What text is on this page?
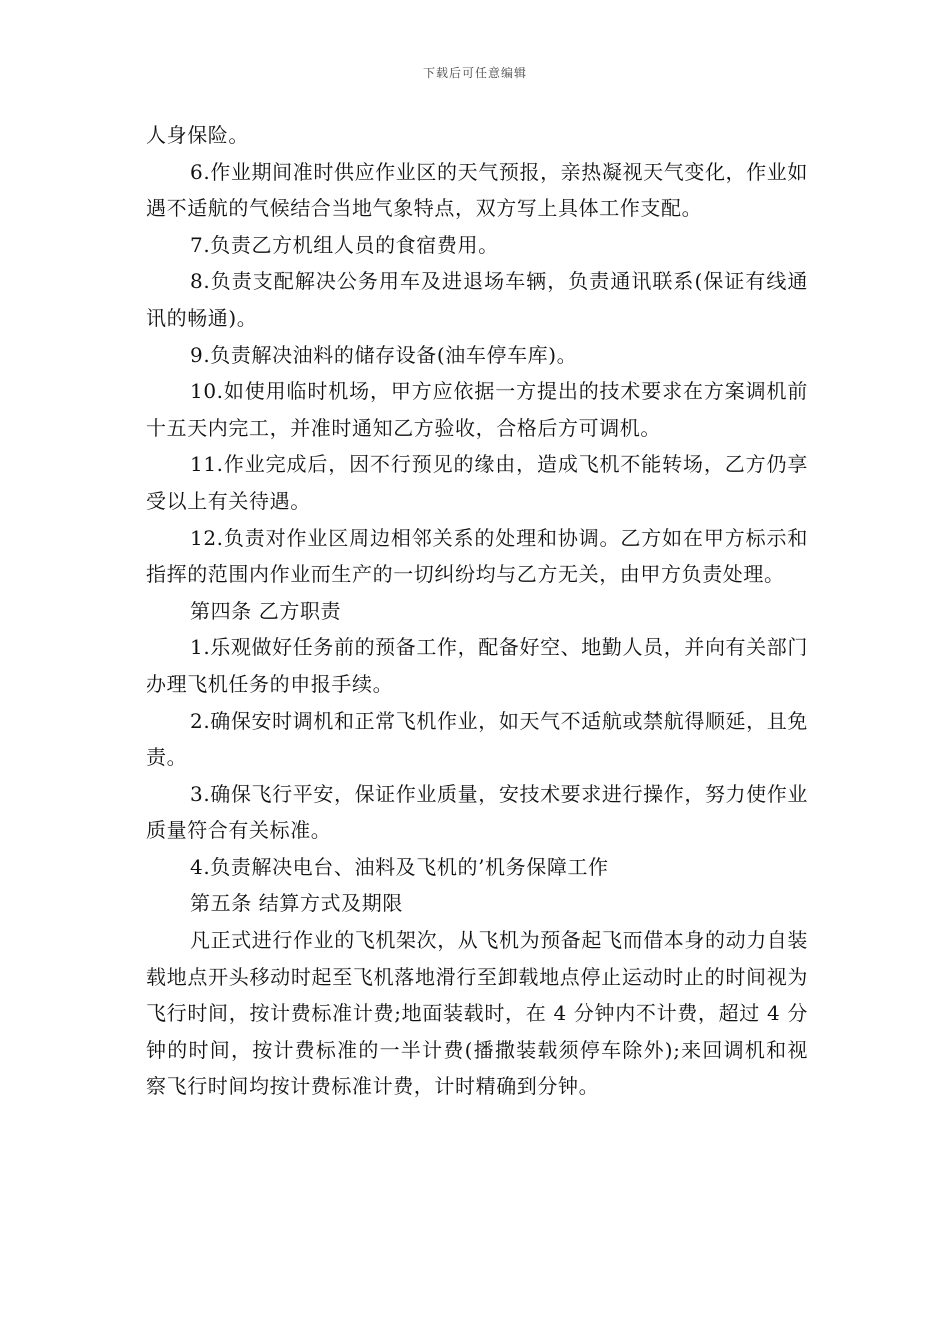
下载后可任意编辑

人身保险。

6.作业期间准时供应作业区的天气预报，亲热凝视天气变化，作业如遇不适航的气候结合当地气象特点，双方写上具体工作支配。

7.负责乙方机组人员的食宿费用。

8.负责支配解决公务用车及进退场车辆，负责通讯联系(保证有线通讯的畅通)。

9.负责解决油料的储存设备(油车停车库)。

10.如使用临时机场，甲方应依据一方提出的技术要求在方案调机前十五天内完工，并准时通知乙方验收，合格后方可调机。

11.作业完成后，因不行预见的缘由，造成飞机不能转场，乙方仍享受以上有关待遇。

12.负责对作业区周边相邻关系的处理和协调。乙方如在甲方标示和指挥的范围内作业而生产的一切纠纷均与乙方无关，由甲方负责处理。

第四条 乙方职责

1.乐观做好任务前的预备工作，配备好空、地勤人员，并向有关部门办理飞机任务的申报手续。

2.确保安时调机和正常飞机作业，如天气不适航或禁航得顺延，且免责。

3.确保飞行平安，保证作业质量，安技术要求进行操作，努力使作业质量符合有关标准。

4.负责解决电台、油料及飞机的’机务保障工作

第五条 结算方式及期限

凡正式进行作业的飞机架次，从飞机为预备起飞而借本身的动力自装载地点开头移动时起至飞机落地滑行至卸载地点停止运动时止的时间视为飞行时间，按计费标准计费;地面装载时，在 4 分钟内不计费，超过 4 分钟的时间，按计费标准的一半计费(播撒装载须停车除外);来回调机和视察飞行时间均按计费标准计费，计时精确到分钟。
